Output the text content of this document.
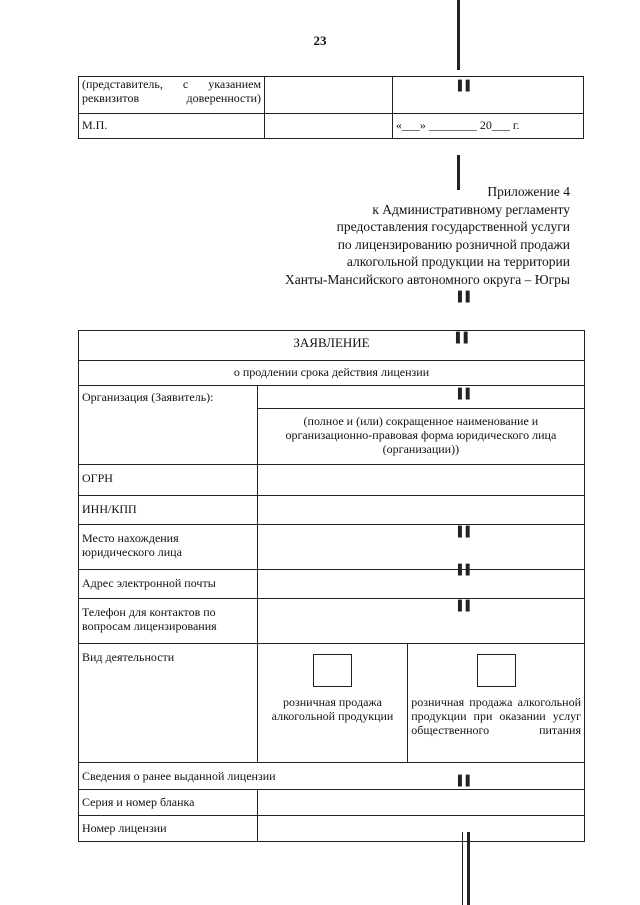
23
(представитель, с указанием реквизитов доверенности)		
М.П.		«___» ________ 20___ г.
Приложение 4
к Административному регламенту
предоставления государственной услуги
по лицензированию розничной продажи
алкогольной продукции на территории
Ханты-Мансийского автономного округа – Югры
ЗАЯВЛЕНИЕ		
о продлении срока действия лицензии		
Организация (Заявитель):		
	(полное и (или) сокращенное наименование и организационно-правовая форма юридического лица (организации))	
ОГРН		
ИНН/КПП		
Место нахождения юридического лица		
Адрес электронной почты		
Телефон для контактов по вопросам лицензирования		
Вид деятельности	розничная продажа алкогольной продукции	розничная продажа алкогольной продукции при оказании услуг общественного питания

Сведения о ранее выданной лицензии		
Серия и номер бланка		
Номер лицензии		
▌▌
▌▌
▌▌
▌▌
▌▌
▌▌
▌▌
▌▌
